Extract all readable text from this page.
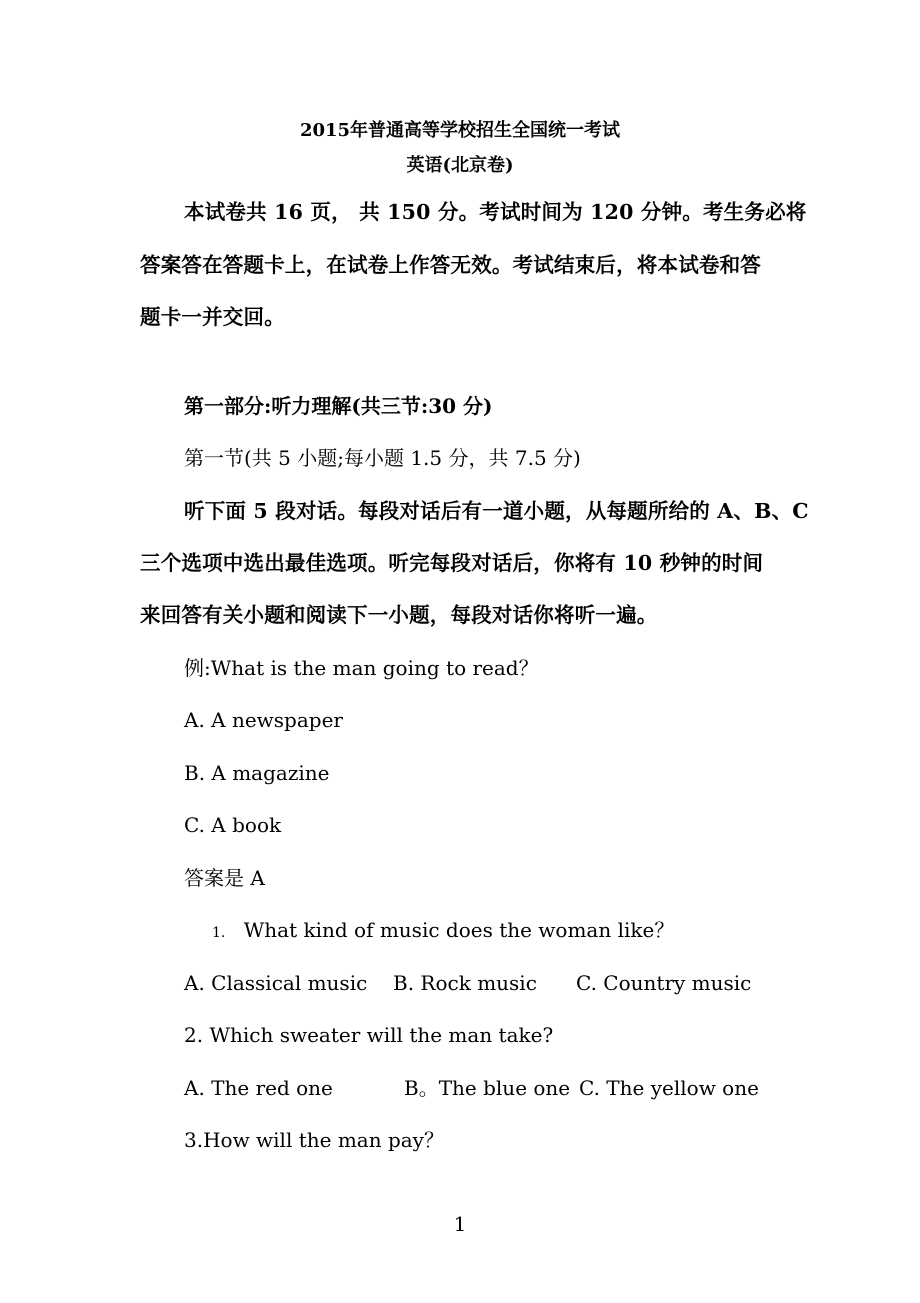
2015年普通高等学校招生全国统一考试
英语(北京卷)
本试卷共 16 页， 共 150 分。考试时间为 120 分钟。考生务必将
答案答在答题卡上，在试卷上作答无效。考试结束后，将本试卷和答
题卡一并交回。
第一部分:听力理解(共三节:30 分)
第一节(共 5 小题;每小题 1.5 分，共 7.5 分)
听下面 5 段对话。每段对话后有一道小题，从每题所给的 A、B、C
三个选项中选出最佳选项。听完每段对话后，你将有 10 秒钟的时间
来回答有关小题和阅读下一小题，每段对话你将听一遍。
例:What is the man going to read？
A. A newspaper
B. A magazine
C. A book
答案是 A
1. What kind of music does the woman like？
A. Classical music B. Rock music C. Country music
2. Which sweater will the man take?
A. The red one	B。The blue one C. The yellow one
3.How will the man pay？
1
